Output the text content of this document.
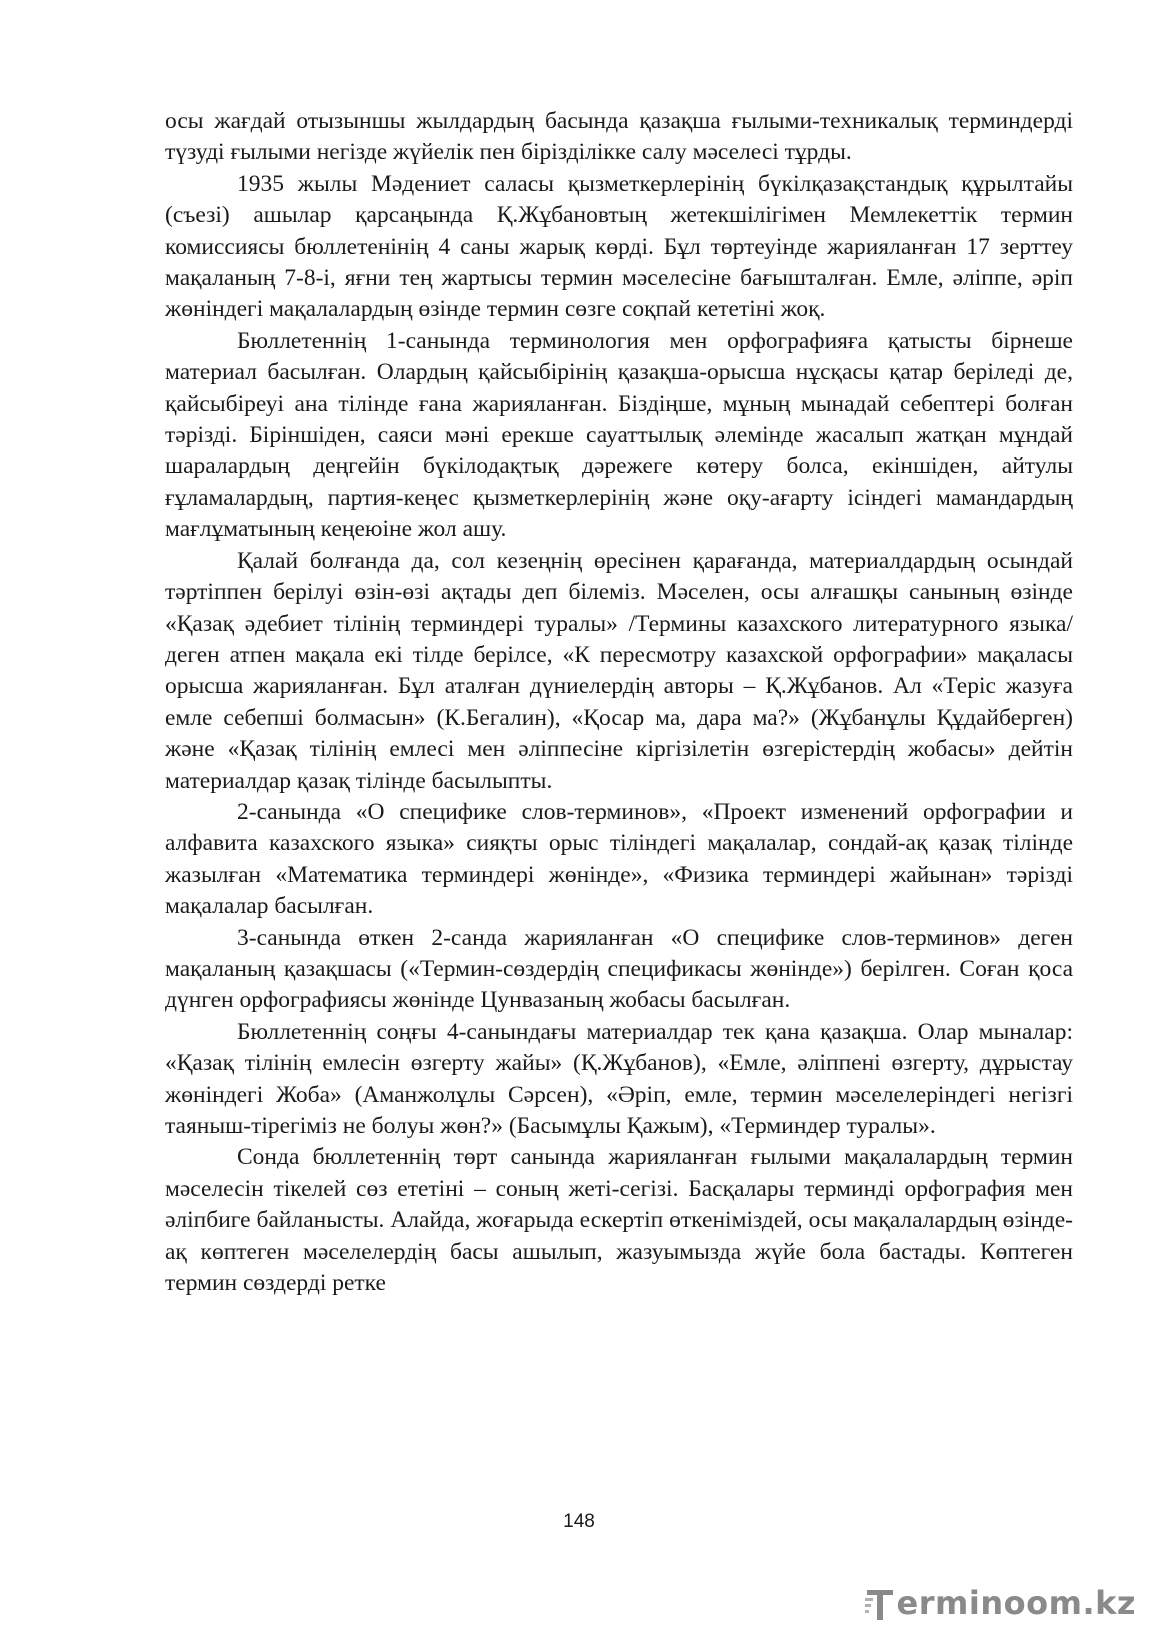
осы жағдай отызыншы жылдардың басында қазақша ғылыми-техникалық терминдерді түзуді ғылыми негізде жүйелік пен бірізділікке салу мәселесі тұрды.

1935 жылы Мәдениет саласы қызметкерлерінің бүкілқазақстандық құрылтайы (съезі) ашылар қарсаңында Қ.Жұбановтың жетекшілігімен Мемлекеттік термин комиссиясы бюллетенінің 4 саны жарық көрді. Бұл төртеуінде жарияланған 17 зерттеу мақаланың 7-8-і, яғни тең жартысы термин мәселесіне бағышталған. Емле, әліппе, әріп жөніндегі мақалалардың өзінде термин сөзге соқпай кететіні жоқ.

Бюллетеннің 1-санында терминология мен орфографияға қатысты бірнеше материал басылған. Олардың қайсыбірінің қазақша-орысша нұсқасы қатар беріледі де, қайсыбіреуі ана тілінде ғана жарияланған. Біздіңше, мұның мынадай себептері болған тәрізді. Біріншіден, саяси мәні ерекше сауаттылық әлемінде жасалып жатқан мұндай шаралардың деңгейін бүкілодақтық дәрежеге көтеру болса, екіншіден, айтулы ғұламалардың, партия-кеңес қызметкерлерінің және оқу-ағарту ісіндегі мамандардың мағлұматының кеңеюіне жол ашу.

Қалай болғанда да, сол кезеңнің өресінен қарағанда, материалдардың осындай тәртіппен берілуі өзін-өзі ақтады деп білеміз. Мәселен, осы алғашқы санының өзінде «Қазақ әдебиет тілінің терминдері туралы» /Термины казахского литературного языка/ деген атпен мақала екі тілде берілсе, «К пересмотру казахской орфографии» мақаласы орысша жарияланған. Бұл аталған дүниелердің авторы – Қ.Жұбанов. Ал «Теріс жазуға емле себепші болмасын» (К.Бегалин), «Қосар ма, дара ма?» (Жұбанұлы Құдайберген) және «Қазақ тілінің емлесі мен әліппесіне кіргізілетін өзгерістердің жобасы» дейтін материалдар қазақ тілінде басылыпты.

2-санында «О специфике слов-терминов», «Проект изменений орфографии и алфавита казахского языка» сияқты орыс тіліндегі мақалалар, сондай-ақ қазақ тілінде жазылған «Математика терминдері жөнінде», «Физика терминдері жайынан» тәрізді мақалалар басылған.

3-санында өткен 2-санда жарияланған «О специфике слов-терминов» деген мақаланың қазақшасы («Термин-сөздердің спецификасы жөнінде») берілген. Соған қоса дүнген орфографиясы жөнінде Цунвазаның жобасы басылған.

Бюллетеннің соңғы 4-санындағы материалдар тек қана қазақша. Олар мыналар: «Қазақ тілінің емлесін өзгерту жайы» (Қ.Жұбанов), «Емле, әліппені өзгерту, дұрыстау жөніндегі Жоба» (Аманжолұлы Сәрсен), «Әріп, емле, термин мәселелеріндегі негізгі таяныш-тірегіміз не болуы жөн?» (Басымұлы Қажым), «Терминдер туралы».

Сонда бюллетеннің төрт санында жарияланған ғылыми мақалалардың термин мәселесін тікелей сөз ететіні – соның жеті-сегізі. Басқалары терминді орфография мен әліпбиге байланысты. Алайда, жоғарыда ескертіп өткеніміздей, осы мақалалардың өзінде-ақ көптеген мәселелердің басы ашылып, жазуымызда жүйе бола бастады. Көптеген термин сөздерді ретке

148
ermino o m.kz
